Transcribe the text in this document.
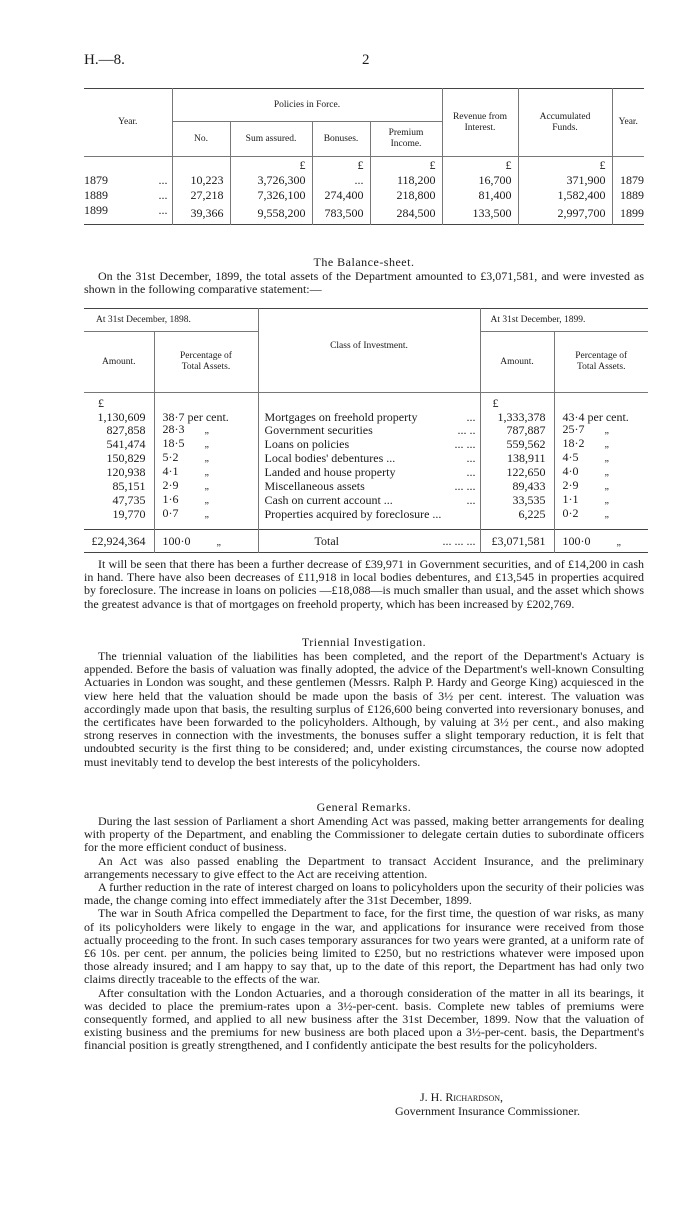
H.—8.	2
Year.	Policies in Force.				Revenue from Interest.	Accumulated Funds.	Year.
	No.	Sum assured.	Bonuses.	Premium Income.			
		£	£	£	£	£	
1879 ...	10,223	3,726,300	...	118,200	16,700	371,900	1879
1889 ...	27,218	7,326,100	274,400	218,800	81,400	1,582,400	1889
1899 ...	39,366	9,558,200	783,500	284,500	133,500	2,997,700	1899
The Balance-sheet.

On the 31st December, 1899, the total assets of the Department amounted to £3,071,581, and were invested as shown in the following comparative statement:—

At 31st December, 1898.		Class of Investment.	At 31st December, 1899.	
Amount.	Percentage of Total Assets.		Amount.	Percentage of Total Assets.
£			£	
1,130,609	38·7 per cent.	Mortgages on freehold property ...	1,333,378	43·4 per cent.
827,858	28·3 „	Government securities ... ..	787,887	25·7 „
541,474	18·5 „	Loans on policies ... ...	559,562	18·2 „
150,829	5·2 „	Local bodies' debentures ... ...	138,911	4·5 „
120,938	4·1 „	Landed and house property ...	122,650	4·0 „
85,151	2·9 „	Miscellaneous assets ... ...	89,433	2·9 „
47,735	1·6 „	Cash on current account ... ...	33,535	1·1 „
19,770	0·7 „	Properties acquired by foreclosure ...	6,225	0·2 „
£2,924,364	100·0 „	Total ... ... ...	£3,071,581	100·0 „

It will be seen that there has been a further decrease of £39,971 in Government securities, and of £14,200 in cash in hand. There have also been decreases of £11,918 in local bodies debentures, and £13,545 in properties acquired by foreclosure. The increase in loans on policies —£18,088—is much smaller than usual, and the asset which shows the greatest advance is that of mortgages on freehold property, which has been increased by £202,769.

Triennial Investigation.

The triennial valuation of the liabilities has been completed, and the report of the Department's Actuary is appended. Before the basis of valuation was finally adopted, the advice of the Department's well-known Consulting Actuaries in London was sought, and these gentlemen (Messrs. Ralph P. Hardy and George King) acquiesced in the view here held that the valuation should be made upon the basis of 3½ per cent. interest. The valuation was accordingly made upon that basis, the resulting surplus of £126,600 being converted into reversionary bonuses, and the certificates have been forwarded to the policyholders. Although, by valuing at 3½ per cent., and also making strong reserves in connection with the investments, the bonuses suffer a slight temporary reduction, it is felt that undoubted security is the first thing to be considered; and, under existing circumstances, the course now adopted must inevitably tend to develop the best interests of the policyholders.

General Remarks.

During the last session of Parliament a short Amending Act was passed, making better arrangements for dealing with property of the Department, and enabling the Commissioner to delegate certain duties to subordinate officers for the more efficient conduct of business.

An Act was also passed enabling the Department to transact Accident Insurance, and the preliminary arrangements necessary to give effect to the Act are receiving attention.

A further reduction in the rate of interest charged on loans to policyholders upon the security of their policies was made, the change coming into effect immediately after the 31st December, 1899.

The war in South Africa compelled the Department to face, for the first time, the question of war risks, as many of its policyholders were likely to engage in the war, and applications for insurance were received from those actually proceeding to the front. In such cases temporary assurances for two years were granted, at a uniform rate of £6 10s. per cent. per annum, the policies being limited to £250, but no restrictions whatever were imposed upon those already insured; and I am happy to say that, up to the date of this report, the Department has had only two claims directly traceable to the effects of the war.

After consultation with the London Actuaries, and a thorough consideration of the matter in all its bearings, it was decided to place the premium-rates upon a 3½-per-cent. basis. Complete new tables of premiums were consequently formed, and applied to all new business after the 31st December, 1899. Now that the valuation of existing business and the premiums for new business are both placed upon a 3½-per-cent. basis, the Department's financial position is greatly strengthened, and I confidently anticipate the best results for the policyholders.

J. H. Richardson,
Government Insurance Commissioner.
